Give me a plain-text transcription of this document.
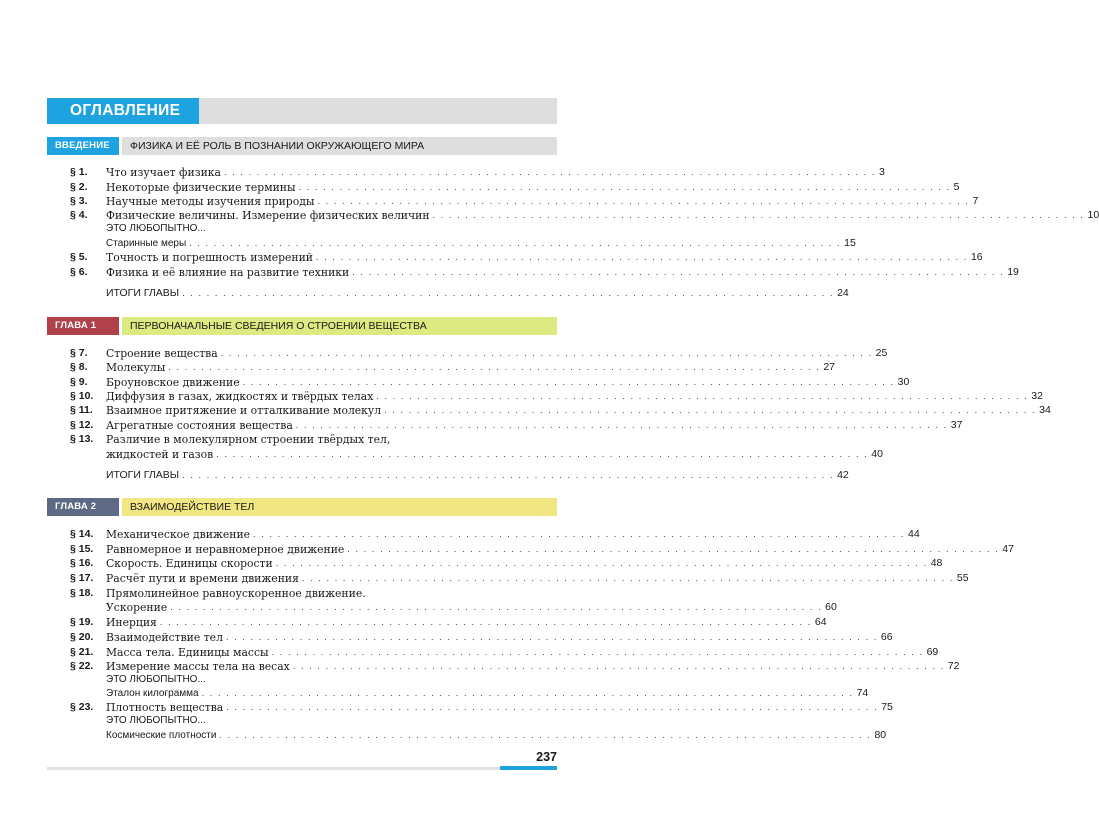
ОГЛАВЛЕНИЕ
ВВЕДЕНИЕ	ФИЗИКА И ЕЁ РОЛЬ В ПОЗНАНИИ ОКРУЖАЮЩЕГО МИРА
§ 1.	Что изучает физика . . . . . . . . . . . . . . . . . . . . . . . . . . . . . . . . . . . . . . . . . . . . . . . . . . . . . . . . . . . . . . . . . . . . . . . . . . . . . . . . 3
§ 2.	Некоторые физические термины . . . . . . . . . . . . . . . . . . . . . . . . . . . . . . . . . . . . . . . . . . . . . . . . . . . . . . . . . . . . . . . . . . . . . . . . . . . . . . . . 5
§ 3.	Научные методы изучения природы . . . . . . . . . . . . . . . . . . . . . . . . . . . . . . . . . . . . . . . . . . . . . . . . . . . . . . . . . . . . . . . . . . . . . . . . . . . . . . . . 7
§ 4.	Физические величины. Измерение физических величин . . . . . . . . . . . . . . . . . . . . . . . . . . . . . . . . . . . . . . . . . . . . . . . . . . . . . . . . . . . . . . . . . . . . . . . . . . . . . . . . 10
ЭТО ЛЮБОПЫТНО...
Старинные меры . . . . . . . . . . . . . . . . . . . . . . . . . . . . . . . . . . . . . . . . . . . . . . . . . . . . . . . . . . . . . . . . . . . . . . . . . . . . . . . . 15
§ 5.	Точность и погрешность измерений . . . . . . . . . . . . . . . . . . . . . . . . . . . . . . . . . . . . . . . . . . . . . . . . . . . . . . . . . . . . . . . . . . . . . . . . . . . . . . . . 16
§ 6.	Физика и её влияние на развитие техники . . . . . . . . . . . . . . . . . . . . . . . . . . . . . . . . . . . . . . . . . . . . . . . . . . . . . . . . . . . . . . . . . . . . . . . . . . . . . . . . 19
ИТОГИ ГЛАВЫ . . . . . . . . . . . . . . . . . . . . . . . . . . . . . . . . . . . . . . . . . . . . . . . . . . . . . . . . . . . . . . . . . . . . . . . . . . . . . . . . 24
ГЛАВА 1	ПЕРВОНАЧАЛЬНЫЕ СВЕДЕНИЯ О СТРОЕНИИ ВЕЩЕСТВА
§ 7.	Строение вещества . . . . . . . . . . . . . . . . . . . . . . . . . . . . . . . . . . . . . . . . . . . . . . . . . . . . . . . . . . . . . . . . . . . . . . . . . . . . . . . . 25
§ 8.	Молекулы . . . . . . . . . . . . . . . . . . . . . . . . . . . . . . . . . . . . . . . . . . . . . . . . . . . . . . . . . . . . . . . . . . . . . . . . . . . . . . . . 27
§ 9.	Броуновское движение . . . . . . . . . . . . . . . . . . . . . . . . . . . . . . . . . . . . . . . . . . . . . . . . . . . . . . . . . . . . . . . . . . . . . . . . . . . . . . . . 30
§ 10.	Диффузия в газах, жидкостях и твёрдых телах . . . . . . . . . . . . . . . . . . . . . . . . . . . . . . . . . . . . . . . . . . . . . . . . . . . . . . . . . . . . . . . . . . . . . . . . . . . . . . . . 32
§ 11.	Взаимное притяжение и отталкивание молекул . . . . . . . . . . . . . . . . . . . . . . . . . . . . . . . . . . . . . . . . . . . . . . . . . . . . . . . . . . . . . . . . . . . . . . . . . . . . . . . . 34
§ 12.	Агрегатные состояния вещества . . . . . . . . . . . . . . . . . . . . . . . . . . . . . . . . . . . . . . . . . . . . . . . . . . . . . . . . . . . . . . . . . . . . . . . . . . . . . . . . 37
§ 13.	Различие в молекулярном строении твёрдых тел,
жидкостей и газов . . . . . . . . . . . . . . . . . . . . . . . . . . . . . . . . . . . . . . . . . . . . . . . . . . . . . . . . . . . . . . . . . . . . . . . . . . . . . . . . 40
ИТОГИ ГЛАВЫ . . . . . . . . . . . . . . . . . . . . . . . . . . . . . . . . . . . . . . . . . . . . . . . . . . . . . . . . . . . . . . . . . . . . . . . . . . . . . . . . 42
ГЛАВА 2	ВЗАИМОДЕЙСТВИЕ ТЕЛ
§ 14.	Механическое движение . . . . . . . . . . . . . . . . . . . . . . . . . . . . . . . . . . . . . . . . . . . . . . . . . . . . . . . . . . . . . . . . . . . . . . . . . . . . . . . . 44
§ 15.	Равномерное и неравномерное движение . . . . . . . . . . . . . . . . . . . . . . . . . . . . . . . . . . . . . . . . . . . . . . . . . . . . . . . . . . . . . . . . . . . . . . . . . . . . . . . . 47
§ 16.	Скорость. Единицы скорости . . . . . . . . . . . . . . . . . . . . . . . . . . . . . . . . . . . . . . . . . . . . . . . . . . . . . . . . . . . . . . . . . . . . . . . . . . . . . . . . 48
§ 17.	Расчёт пути и времени движения . . . . . . . . . . . . . . . . . . . . . . . . . . . . . . . . . . . . . . . . . . . . . . . . . . . . . . . . . . . . . . . . . . . . . . . . . . . . . . . . 55
§ 18.	Прямолинейное равноускоренное движение.
Ускорение . . . . . . . . . . . . . . . . . . . . . . . . . . . . . . . . . . . . . . . . . . . . . . . . . . . . . . . . . . . . . . . . . . . . . . . . . . . . . . . . 60
§ 19.	Инерция . . . . . . . . . . . . . . . . . . . . . . . . . . . . . . . . . . . . . . . . . . . . . . . . . . . . . . . . . . . . . . . . . . . . . . . . . . . . . . . . 64
§ 20.	Взаимодействие тел . . . . . . . . . . . . . . . . . . . . . . . . . . . . . . . . . . . . . . . . . . . . . . . . . . . . . . . . . . . . . . . . . . . . . . . . . . . . . . . . 66
§ 21.	Масса тела. Единицы массы . . . . . . . . . . . . . . . . . . . . . . . . . . . . . . . . . . . . . . . . . . . . . . . . . . . . . . . . . . . . . . . . . . . . . . . . . . . . . . . . 69
§ 22.	Измерение массы тела на весах . . . . . . . . . . . . . . . . . . . . . . . . . . . . . . . . . . . . . . . . . . . . . . . . . . . . . . . . . . . . . . . . . . . . . . . . . . . . . . . . 72
ЭТО ЛЮБОПЫТНО...
Эталон килограмма . . . . . . . . . . . . . . . . . . . . . . . . . . . . . . . . . . . . . . . . . . . . . . . . . . . . . . . . . . . . . . . . . . . . . . . . . . . . . . . . 74
§ 23.	Плотность вещества . . . . . . . . . . . . . . . . . . . . . . . . . . . . . . . . . . . . . . . . . . . . . . . . . . . . . . . . . . . . . . . . . . . . . . . . . . . . . . . . 75
ЭТО ЛЮБОПЫТНО...
Космические плотности . . . . . . . . . . . . . . . . . . . . . . . . . . . . . . . . . . . . . . . . . . . . . . . . . . . . . . . . . . . . . . . . . . . . . . . . . . . . . . . . 80
237
